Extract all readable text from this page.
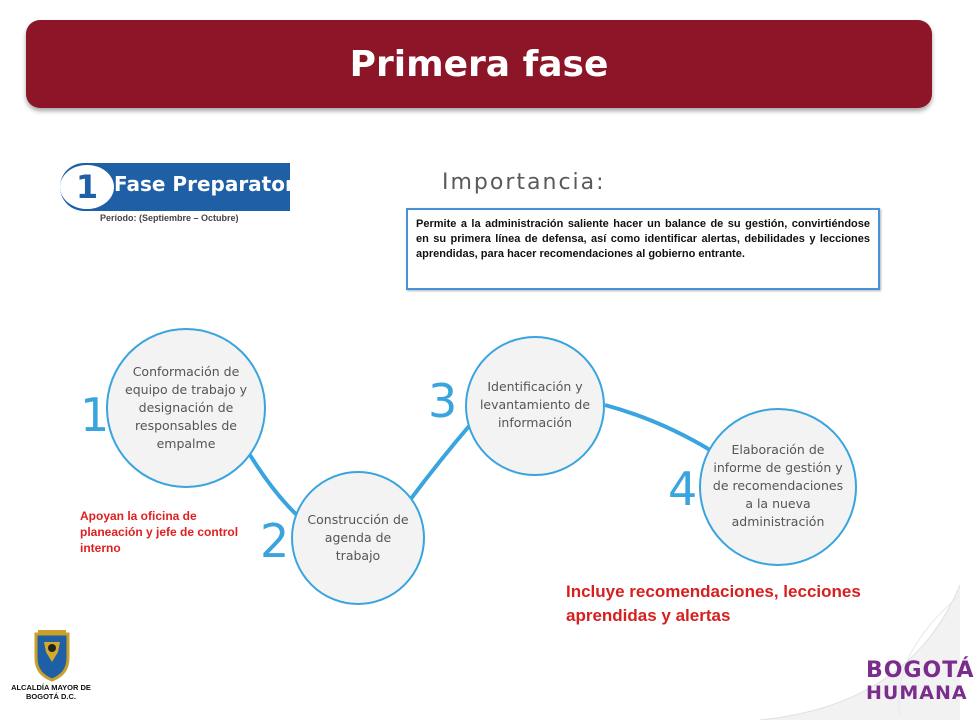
Primera fase
1 Fase Preparatoria
Período: (Septiembre – Octubre)
Importancia:
Permite a la administración saliente hacer un balance de su gestión, convirtiéndose en su primera línea de defensa, así como identificar alertas, debilidades y lecciones aprendidas, para hacer recomendaciones al gobierno entrante.
Conformación de equipo de trabajo y designación de responsables de empalme
Construcción de agenda de trabajo
Identificación y levantamiento de información
Elaboración de informe de gestión y de recomendaciones a la nueva administración
1
2
3
4
Apoyan la oficina de planeación y jefe de control interno
Incluye recomendaciones, lecciones aprendidas y alertas
ALCALDÍA MAYOR DE BOGOTÁ D.C.
BOGOTÁ
HUMANA
